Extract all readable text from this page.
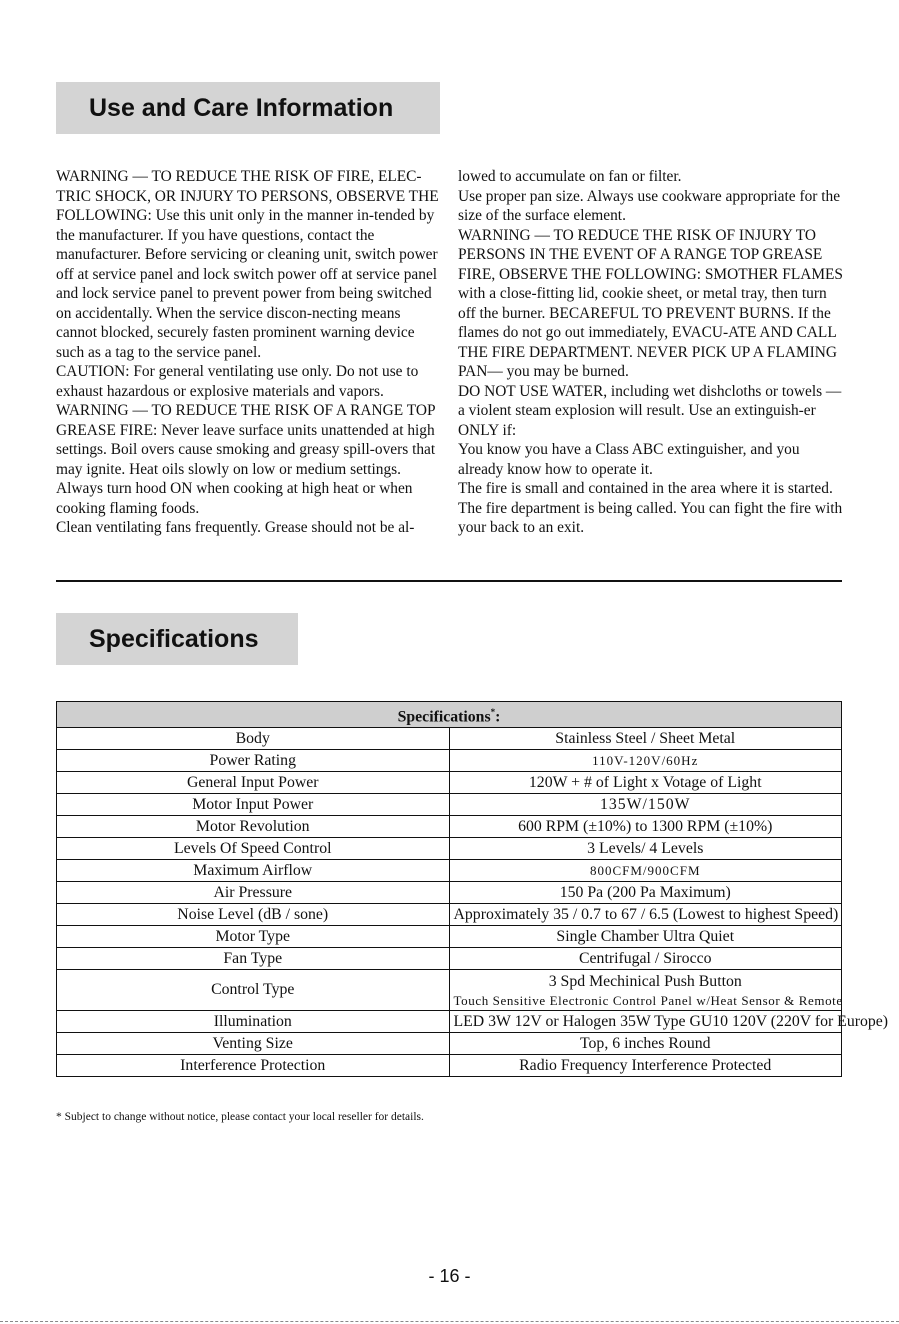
Use and Care Information

WARNING — TO REDUCE THE RISK OF FIRE, ELEC-TRIC SHOCK, OR INJURY TO PERSONS, OBSERVE THE FOLLOWING: Use this unit only in the manner in-tended by the manufacturer. If you have questions, contact the manufacturer. Before servicing or cleaning unit, switch power off at service panel and lock switch power off at service panel and lock service panel to prevent power from being switched on accidentally. When the service discon-necting means cannot blocked, securely fasten prominent warning device such as a tag to the service panel.

CAUTION: For general ventilating use only. Do not use to exhaust hazardous or explosive materials and vapors.

WARNING — TO REDUCE THE RISK OF A RANGE TOP GREASE FIRE: Never leave surface units unattended at high settings. Boil overs cause smoking and greasy spill-overs that may ignite. Heat oils slowly on low or medium settings.

Always turn hood ON when cooking at high heat or when cooking flaming foods.

Clean ventilating fans frequently. Grease should not be al-

lowed to accumulate on fan or filter.

Use proper pan size. Always use cookware appropriate for the size of the surface element.

WARNING — TO REDUCE THE RISK OF INJURY TO PERSONS IN THE EVENT OF A RANGE TOP GREASE FIRE, OBSERVE THE FOLLOWING: SMOTHER FLAMES with a close-fitting lid, cookie sheet, or metal tray, then turn off the burner. BECAREFUL TO PREVENT BURNS. If the flames do not go out immediately, EVACU-ATE AND CALL THE FIRE DEPARTMENT. NEVER PICK UP A FLAMING PAN— you may be burned.

DO NOT USE WATER, including wet dishcloths or towels — a violent steam explosion will result. Use an extinguish-er ONLY if:

You know you have a Class ABC extinguisher, and you already know how to operate it.

The fire is small and contained in the area where it is started.

The fire department is being called. You can fight the fire with your back to an exit.

Specifications
Specifications*:	
Body	Stainless Steel / Sheet Metal
Power Rating	110V-120V/60Hz
General Input Power	120W + # of Light x Votage of Light
Motor Input Power	135W/150W
Motor Revolution	600 RPM (±10%) to 1300 RPM (±10%)
Levels Of Speed Control	3 Levels/ 4 Levels
Maximum Airflow	800CFM/900CFM
Air Pressure	150 Pa (200 Pa Maximum)
Noise Level (dB / sone)	Approximately 35 / 0.7 to 67 / 6.5 (Lowest to highest Speed)
Motor Type	Single Chamber Ultra Quiet
Fan Type	Centrifugal / Sirocco
Control Type	3 Spd Mechinical Push Button
Touch Sensitive Electronic Control Panel w/Heat Sensor & Remote

Illumination	LED 3W 12V or Halogen 35W Type GU10 120V (220V for Europe)
Venting Size	Top, 6 inches Round
Interference Protection	Radio Frequency Interference Protected
* Subject to change without notice, please contact your local reseller for details.
- 16 -
